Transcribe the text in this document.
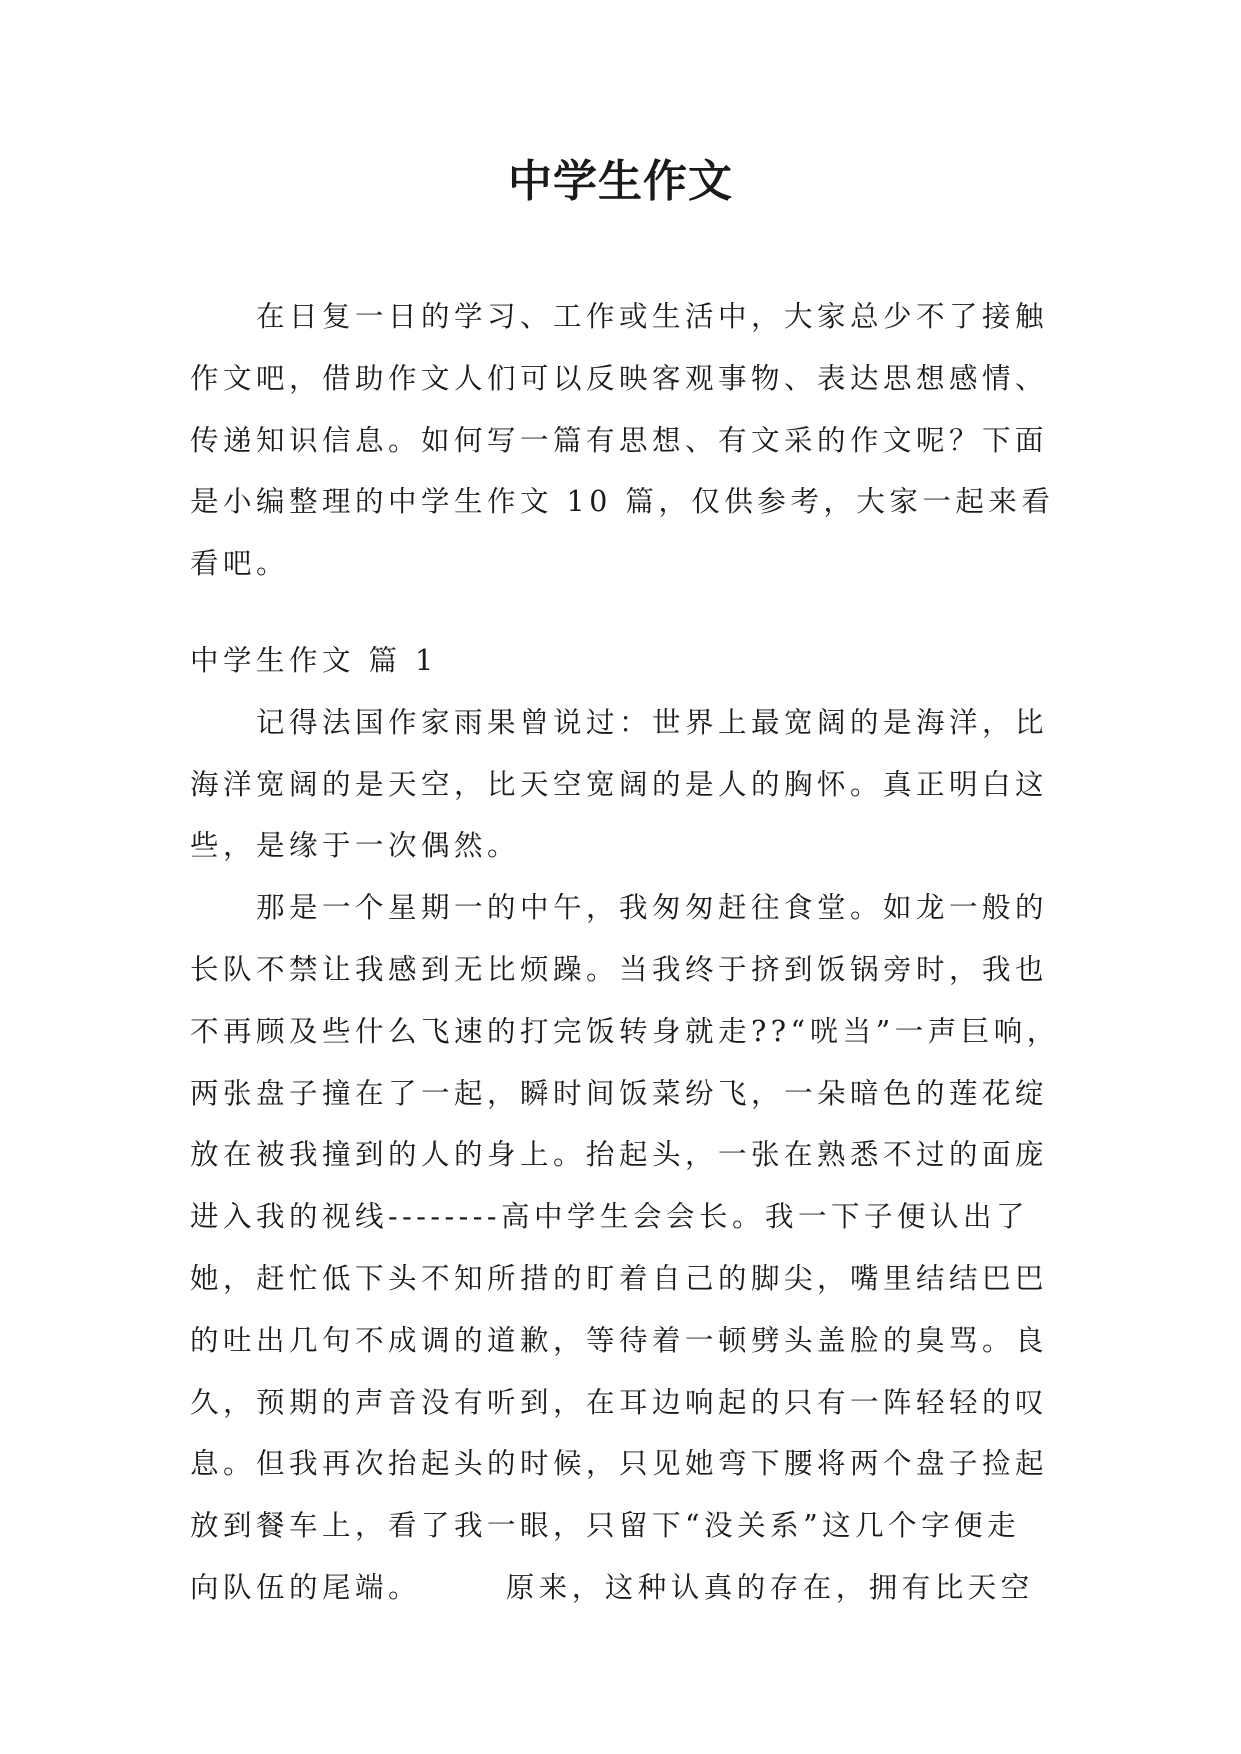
中学生作文

　　在日复一日的学习、工作或生活中，大家总少不了接触

作文吧，借助作文人们可以反映客观事物、表达思想感情、

传递知识信息。如何写一篇有思想、有文采的作文呢？下面

是小编整理的中学生作文 10 篇，仅供参考，大家一起来看

看吧。

中学生作文 篇 1

　　记得法国作家雨果曾说过：世界上最宽阔的是海洋，比

海洋宽阔的是天空，比天空宽阔的是人的胸怀。真正明白这

些，是缘于一次偶然。

　　那是一个星期一的中午，我匆匆赶往食堂。如龙一般的

长队不禁让我感到无比烦躁。当我终于挤到饭锅旁时，我也

不再顾及些什么飞速的打完饭转身就走??“咣当”一声巨响，

两张盘子撞在了一起，瞬时间饭菜纷飞，一朵暗色的莲花绽

放在被我撞到的人的身上。抬起头，一张在熟悉不过的面庞

进入我的视线--------高中学生会会长。我一下子便认出了

她，赶忙低下头不知所措的盯着自己的脚尖，嘴里结结巴巴

的吐出几句不成调的道歉，等待着一顿劈头盖脸的臭骂。良

久，预期的声音没有听到，在耳边响起的只有一阵轻轻的叹

息。但我再次抬起头的时候，只见她弯下腰将两个盘子捡起

放到餐车上，看了我一眼，只留下“没关系”这几个字便走

向队伍的尾端。　　　原来，这种认真的存在，拥有比天空
